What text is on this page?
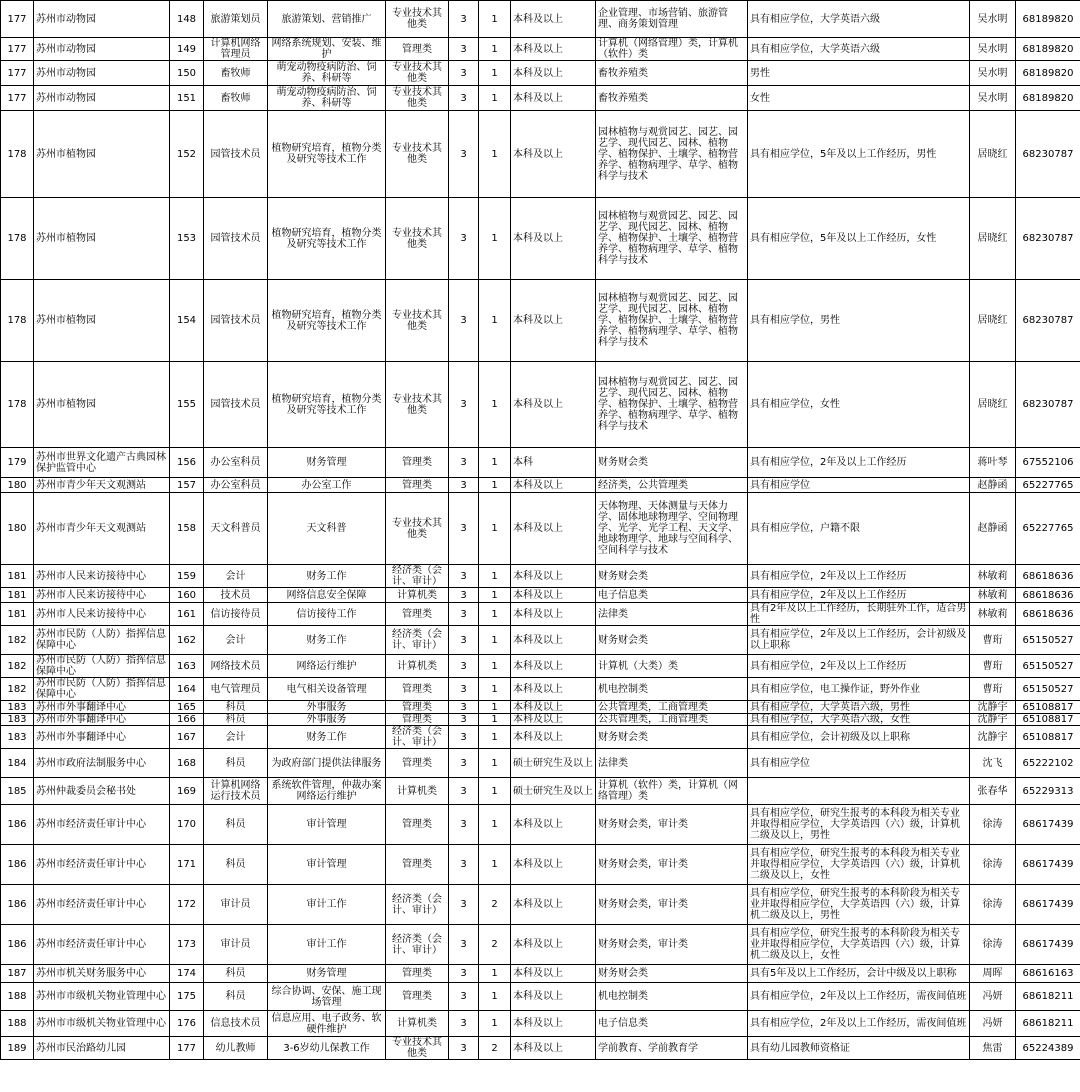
177	苏州市动物园	148	旅游策划员	旅游策划、营销推广	专业技术其他类	3	1	本科及以上	企业管理、市场营销、旅游管理、商务策划管理	具有相应学位，大学英语六级	吴水明	68189820
177	苏州市动物园	149	计算机网络管理员	网络系统规划、安装、维护	管理类	3	1	本科及以上	计算机（网络管理）类，计算机（软件）类	具有相应学位，大学英语六级	吴水明	68189820
177	苏州市动物园	150	畜牧师	萌宠动物疫病防治、饲养、科研等	专业技术其他类	3	1	本科及以上	畜牧养殖类	男性	吴水明	68189820
177	苏州市动物园	151	畜牧师	萌宠动物疫病防治、饲养、科研等	专业技术其他类	3	1	本科及以上	畜牧养殖类	女性	吴水明	68189820
178	苏州市植物园	152	园管技术员	植物研究培育，植物分类及研究等技术工作	专业技术其他类	3	1	本科及以上	园林植物与观赏园艺、园艺、园艺学、现代园艺、园林、植物学、植物保护、土壤学、植物营养学、植物病理学、草学、植物科学与技术	具有相应学位，5年及以上工作经历，男性	居晓红	68230787
178	苏州市植物园	153	园管技术员	植物研究培育，植物分类及研究等技术工作	专业技术其他类	3	1	本科及以上	园林植物与观赏园艺、园艺、园艺学、现代园艺、园林、植物学、植物保护、土壤学、植物营养学、植物病理学、草学、植物科学与技术	具有相应学位，5年及以上工作经历，女性	居晓红	68230787
178	苏州市植物园	154	园管技术员	植物研究培育，植物分类及研究等技术工作	专业技术其他类	3	1	本科及以上	园林植物与观赏园艺、园艺、园艺学、现代园艺、园林、植物学、植物保护、土壤学、植物营养学、植物病理学、草学、植物科学与技术	具有相应学位，男性	居晓红	68230787
178	苏州市植物园	155	园管技术员	植物研究培育，植物分类及研究等技术工作	专业技术其他类	3	1	本科及以上	园林植物与观赏园艺、园艺、园艺学、现代园艺、园林、植物学、植物保护、土壤学、植物营养学、植物病理学、草学、植物科学与技术	具有相应学位，女性	居晓红	68230787
179	苏州市世界文化遗产古典园林保护监管中心	156	办公室科员	财务管理	管理类	3	1	本科	财务财会类	具有相应学位，2年及以上工作经历	蒋叶琴	67552106
180	苏州市青少年天文观测站	157	办公室科员	办公室工作	管理类	3	1	本科及以上	经济类，公共管理类	具有相应学位	赵静函	65227765
180	苏州市青少年天文观测站	158	天文科普员	天文科普	专业技术其他类	3	1	本科及以上	天体物理、天体测量与天体力学、固体地球物理学、空间物理学、光学、光学工程、天文学、地球物理学、地球与空间科学、空间科学与技术	具有相应学位，户籍不限	赵静函	65227765
181	苏州市人民来访接待中心	159	会计	财务工作	经济类（会计、审计）	3	1	本科及以上	财务财会类	具有相应学位，2年及以上工作经历	林敏莉	68618636
181	苏州市人民来访接待中心	160	技术员	网络信息安全保障	计算机类	3	1	本科及以上	电子信息类	具有相应学位，2年及以上工作经历	林敏莉	68618636
181	苏州市人民来访接待中心	161	信访接待员	信访接待工作	管理类	3	1	本科及以上	法律类	具有2年及以上工作经历，长期驻外工作，适合男性	林敏莉	68618636
182	苏州市民防（人防）指挥信息保障中心	162	会计	财务工作	经济类（会计、审计）	3	1	本科及以上	财务财会类	具有相应学位，2年及以上工作经历，会计初级及以上职称	曹珩	65150527
182	苏州市民防（人防）指挥信息保障中心	163	网络技术员	网络运行维护	计算机类	3	1	本科及以上	计算机（大类）类	具有相应学位，2年及以上工作经历	曹珩	65150527
182	苏州市民防（人防）指挥信息保障中心	164	电气管理员	电气相关设备管理	管理类	3	1	本科及以上	机电控制类	具有相应学位，电工操作证，野外作业	曹珩	65150527
183	苏州市外事翻译中心	165	科员	外事服务	管理类	3	1	本科及以上	公共管理类，工商管理类	具有相应学位，大学英语六级，男性	沈静宇	65108817
183	苏州市外事翻译中心	166	科员	外事服务	管理类	3	1	本科及以上	公共管理类，工商管理类	具有相应学位，大学英语六级，女性	沈静宇	65108817
183	苏州市外事翻译中心	167	会计	财务工作	经济类（会计、审计）	3	1	本科及以上	财务财会类	具有相应学位，会计初级及以上职称	沈静宇	65108817
184	苏州市政府法制服务中心	168	科员	为政府部门提供法律服务	管理类	3	1	硕士研究生及以上	法律类	具有相应学位	沈飞	65222102
185	苏州仲裁委员会秘书处	169	计算机网络运行技术员	系统软件管理，仲裁办案网络运行维护	计算机类	3	1	硕士研究生及以上	计算机（软件）类，计算机（网络管理）类		张春华	65229313
186	苏州市经济责任审计中心	170	科员	审计管理	管理类	3	1	本科及以上	财务财会类，审计类	具有相应学位，研究生报考的本科段为相关专业并取得相应学位，大学英语四（六）级，计算机二级及以上，男性	徐涛	68617439
186	苏州市经济责任审计中心	171	科员	审计管理	管理类	3	1	本科及以上	财务财会类，审计类	具有相应学位，研究生报考的本科段为相关专业并取得相应学位，大学英语四（六）级，计算机二级及以上，女性	徐涛	68617439
186	苏州市经济责任审计中心	172	审计员	审计工作	经济类（会计、审计）	3	2	本科及以上	财务财会类，审计类	具有相应学位，研究生报考的本科阶段为相关专业并取得相应学位，大学英语四（六）级，计算机二级及以上，男性	徐涛	68617439
186	苏州市经济责任审计中心	173	审计员	审计工作	经济类（会计、审计）	3	2	本科及以上	财务财会类，审计类	具有相应学位，研究生报考的本科阶段为相关专业并取得相应学位，大学英语四（六）级，计算机二级及以上，女性	徐涛	68617439
187	苏州市机关财务服务中心	174	科员	财务管理	管理类	3	1	本科及以上	财务财会类	具有5年及以上工作经历，会计中级及以上职称	周晖	68616163
188	苏州市市级机关物业管理中心	175	科员	综合协调、安保、施工现场管理	管理类	3	1	本科及以上	机电控制类	具有相应学位，2年及以上工作经历，需夜间值班	冯妍	68618211
188	苏州市市级机关物业管理中心	176	信息技术员	信息应用、电子政务、软硬件维护	计算机类	3	1	本科及以上	电子信息类	具有相应学位，2年及以上工作经历，需夜间值班	冯妍	68618211
189	苏州市民治路幼儿园	177	幼儿教师	3-6岁幼儿保教工作	专业技术其他类	3	2	本科及以上	学前教育、学前教育学	具有幼儿园教师资格证	焦雷	65224389
